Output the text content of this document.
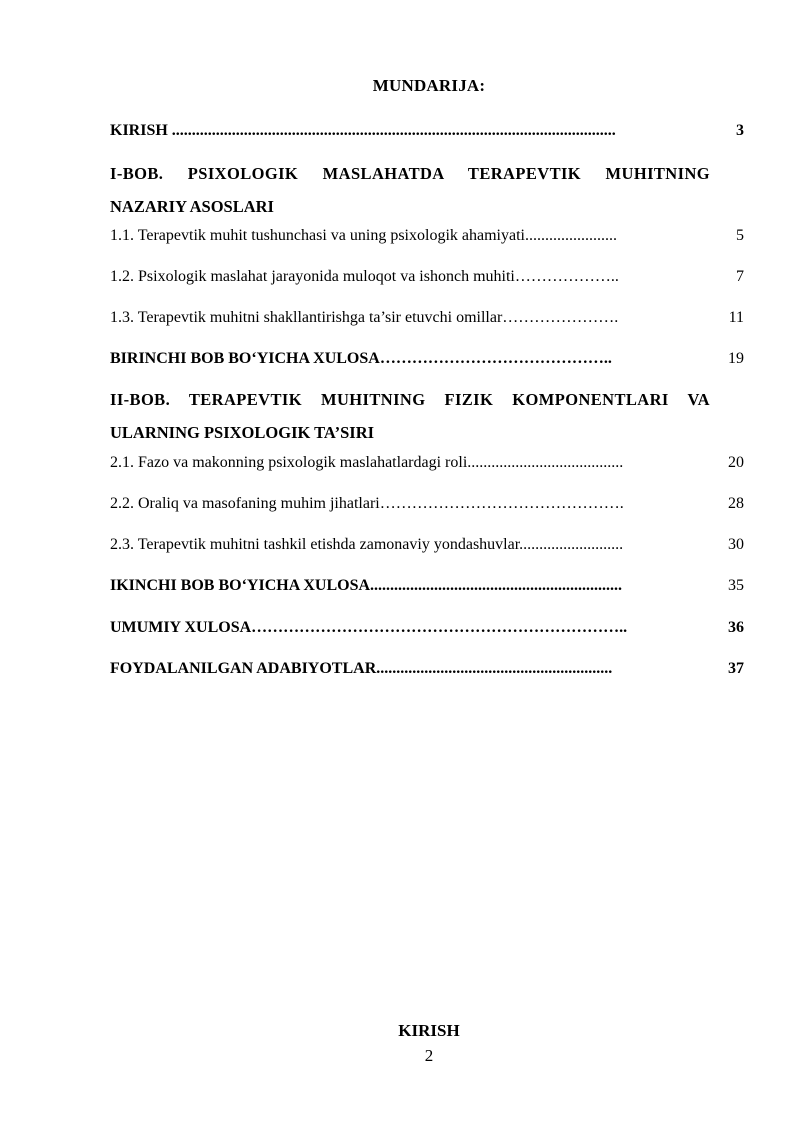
MUNDARIJA:
KIRISH ...............................................................................................................	3
I-BOB. PSIXOLOGIK MASLAHATDA TERAPEVTIK MUHITNING
NAZARIY ASOSLARI
1.1. Terapevtik muhit tushunchasi va uning psixologik ahamiyati.......................	5
1.2. Psixologik maslahat jarayonida muloqot va ishonch muhiti………………..	7
1.3. Terapevtik muhitni shakllantirishga ta’sir etuvchi omillar………………….	11
BIRINCHI BOB BO‘YICHA XULOSA……………………………………..	19
II-BOB. TERAPEVTIK MUHITNING FIZIK KOMPONENTLARI VA
ULARNING PSIXOLOGIK TA’SIRI
2.1. Fazo va makonning psixologik maslahatlardagi roli.......................................	20
2.2. Oraliq va masofaning muhim jihatlari……………………………………….	28
2.3. Terapevtik muhitni tashkil etishda zamonaviy yondashuvlar..........................	30
IKINCHI BOB BO‘YICHA XULOSA...............................................................	35
UMUMIY XULOSA……………………………………………………………..	36
FOYDALANILGAN ADABIYOTLAR...........................................................	37
KIRISH
2
